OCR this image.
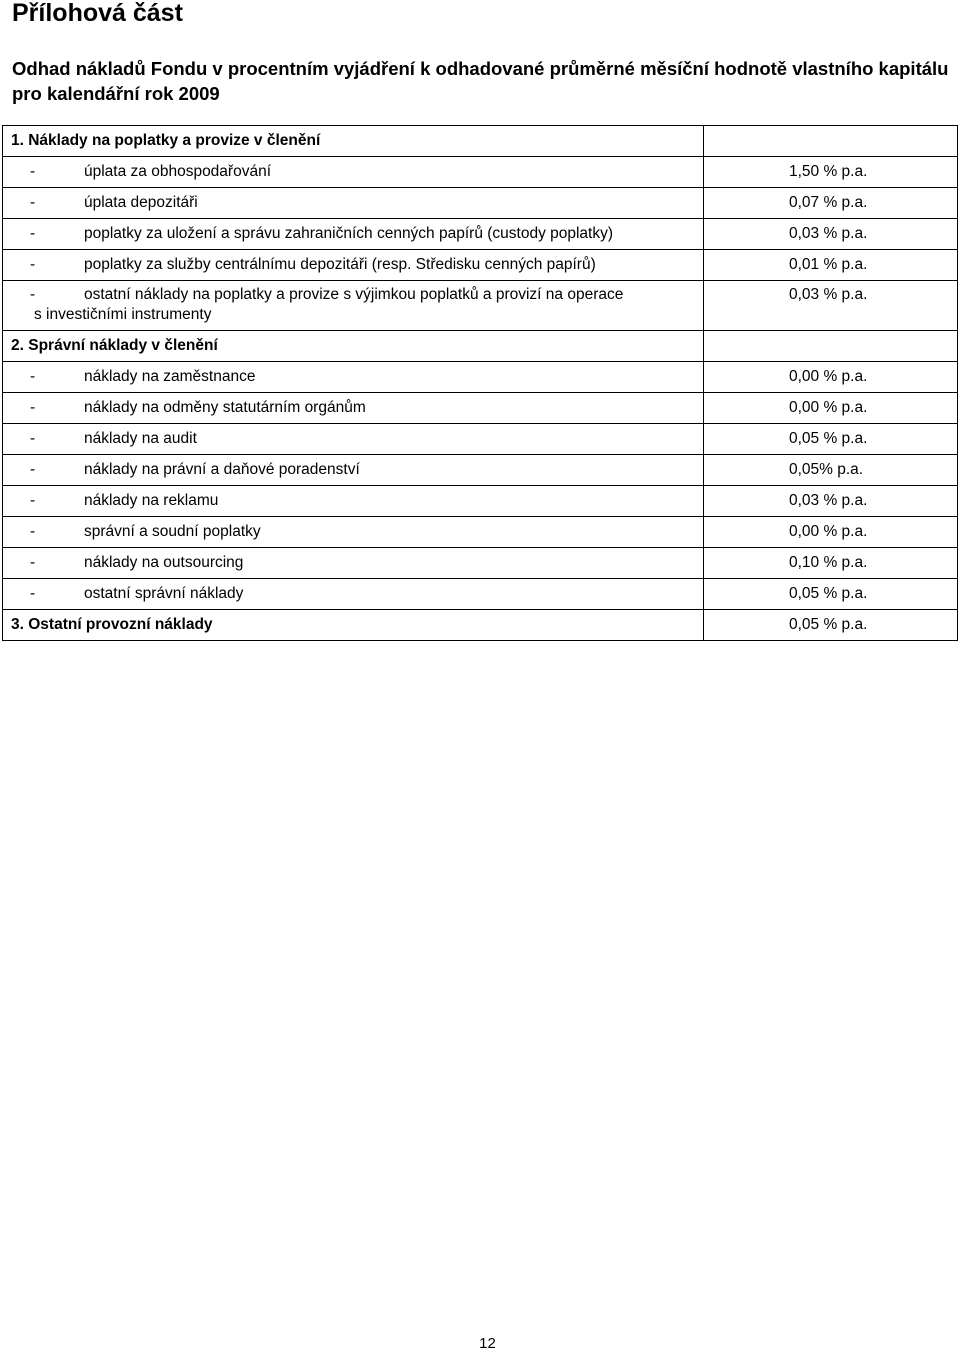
Přílohová část
Odhad nákladů Fondu v procentním vyjádření k odhadované průměrné měsíční hodnotě vlastního kapitálu pro kalendářní rok 2009
1. Náklady na poplatky a provize v členění	
- úplata za obhospodařování	1,50 % p.a.
- úplata depozitáři	0,07 % p.a.
- poplatky za uložení a správu zahraničních cenných papírů (custody poplatky)	0,03 % p.a.
- poplatky za služby centrálnímu depozitáři (resp. Středisku cenných papírů)	0,01 % p.a.
- ostatní náklady na poplatky a provize s výjimkou poplatků a provizí na operace
s investičními instrumenty	0,03 % p.a.
2. Správní náklady v členění	
- náklady na zaměstnance	0,00 % p.a.
- náklady na odměny statutárním orgánům	0,00 % p.a.
- náklady na audit	0,05 % p.a.
- náklady na právní a daňové poradenství	0,05% p.a.
- náklady na reklamu	0,03 % p.a.
- správní a soudní poplatky	0,00 % p.a.
- náklady na outsourcing	0,10 % p.a.
- ostatní správní náklady	0,05 % p.a.
3. Ostatní provozní náklady	0,05 % p.a.
12
